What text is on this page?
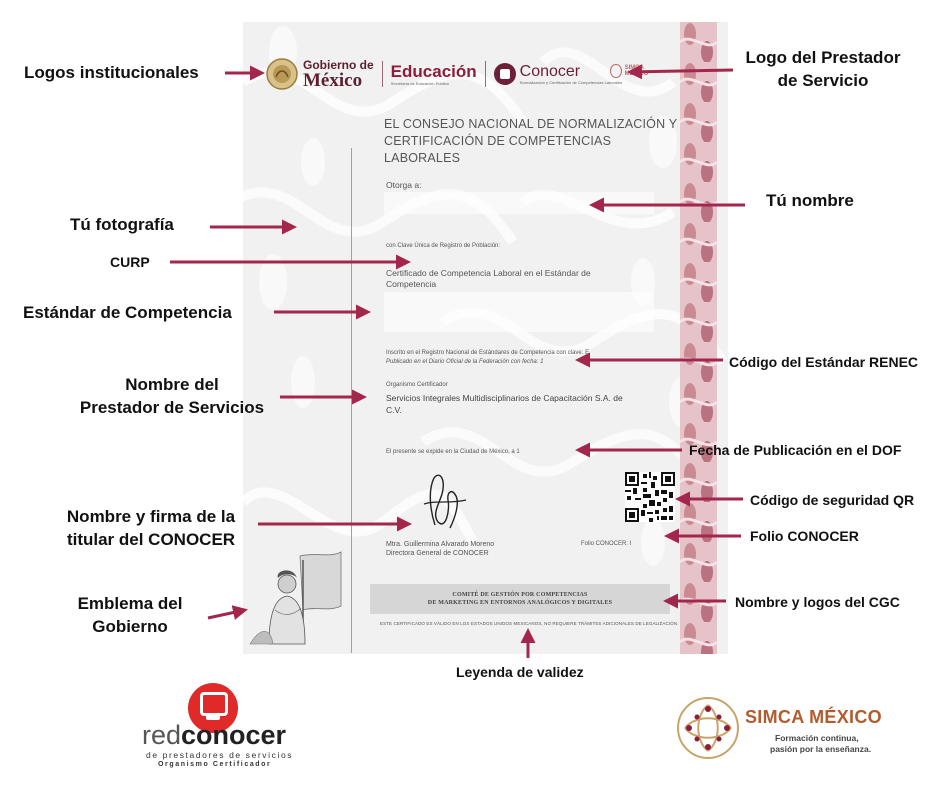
Gobierno de
México	Educación
Secretaría de Educación Pública
Conocer
Normalización y Certificación de Competencias Laborales
SIMCA MÉXICO
EL CONSEJO NACIONAL DE NORMALIZACIÓN Y
CERTIFICACIÓN DE COMPETENCIAS LABORALES
Otorga a:
con Clave Única de Registro de Población:
Certificado de Competencia Laboral en el Estándar de
Competencia
Inscrito en el Registro Nacional de Estándares de Competencia con clave: E
Publicado en el Diario Oficial de la Federación con fecha: 1
Organismo Certificador
Servicios Integrales Multidisciplinarios de Capacitación S.A. de
C.V.
El presente se expide en la Ciudad de México, a 1
Mtra. Guillermina Alvarado Moreno
Directora General de CONOCER
Folio CONOCER: I
COMITÉ DE GESTIÓN POR COMPETENCIAS
DE MARKETING EN ENTORNOS ANALÓGICOS Y DIGITALES
ESTE CERTIFICADO ES VÁLIDO EN LOS ESTADOS UNIDOS MEXICANOS, NO REQUIERE TRÁMITES ADICIONALES DE LEGALIZACIÓN.
Logos institucionales
Logo del Prestador
de Servicio
Tú nombre
Tú fotografía
CURP
Estándar de Competencia
Código del Estándar RENEC
Nombre del
Prestador de Servicios
Fecha de Publicación en el DOF
Código de seguridad QR
Nombre y firma de la
titular del CONOCER	Folio CONOCER
Emblema del
Gobierno
Nombre y logos del CGC
Leyenda de validez
redconocer
de prestadores de servicios
Organismo Certificador
SIMCA MÉXICO
Formación continua,
pasión por la enseñanza.
